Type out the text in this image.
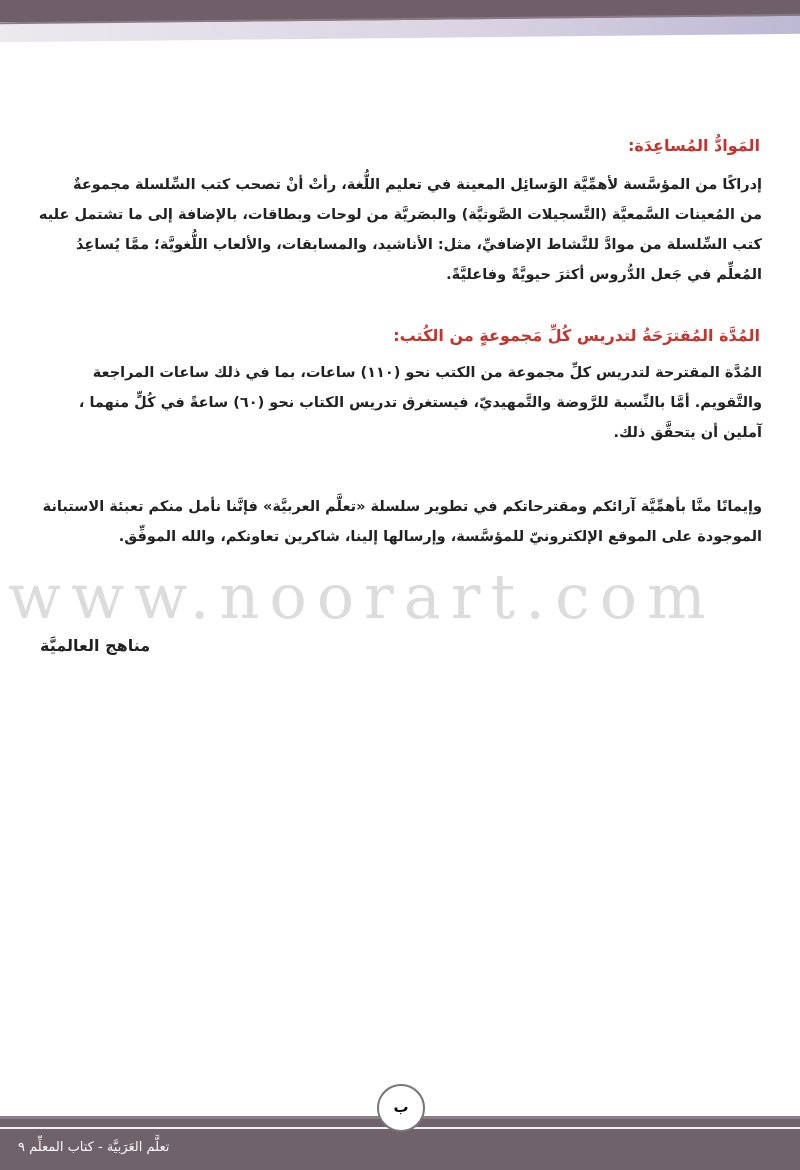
المَوادُّ المُساعِدَة:
إدراكًا من المؤسَّسة لأهمِّيَّة الوَسائِل المعينة في تعليم اللُّغة، رأتْ أنْ تصحب كتب السِّلسلة مجموعةٌ
من المُعينات السَّمعيَّة (التَّسجيلات الصَّوتيَّة) والبصَريَّة من لوحات وبطاقات، بالإضافة إلى ما تشتمل عليه
كتب السِّلسلة من موادَّ للنَّشاط الإضافيِّ، مثل: الأناشيد، والمسابقات، والألعاب اللُّغويَّة؛ ممَّا يُساعِدُ
المُعلِّم في جَعل الدُّروس أكثرَ حيويَّةً وفاعليَّةً.
المُدَّة المُقترَحَةُ لتدريس كُلِّ مَجموعةٍ من الكُتب:
المُدَّة المقترحة لتدريس كلِّ مجموعة من الكتب نحو (١١٠) ساعات، بما في ذلك ساعات المراجعة
والتَّقويم. أمَّا بالنِّسبة للرَّوضة والتَّمهيديّ، فيستغرق تدريس الكتاب نحو (٦٠) ساعةً في كُلٍّ منهما ،
آملين أن يتحقَّق ذلك.
وإيمانًا منَّا بأهمِّيَّة آرائكم ومقترحاتكم في تطوير سلسلة «تعلَّم العربيَّة» فإنَّنا نأمل منكم تعبئة الاستبانة
الموجودة على الموقع الإلكترونيّ للمؤسَّسة، وإرسالها إلينا، شاكرين تعاونكم، والله الموفِّق.
www.noorart.com
مناهج العالميَّة
ب
تعلَّم العَرَبيَّة - كتاب المعلِّم ٩
